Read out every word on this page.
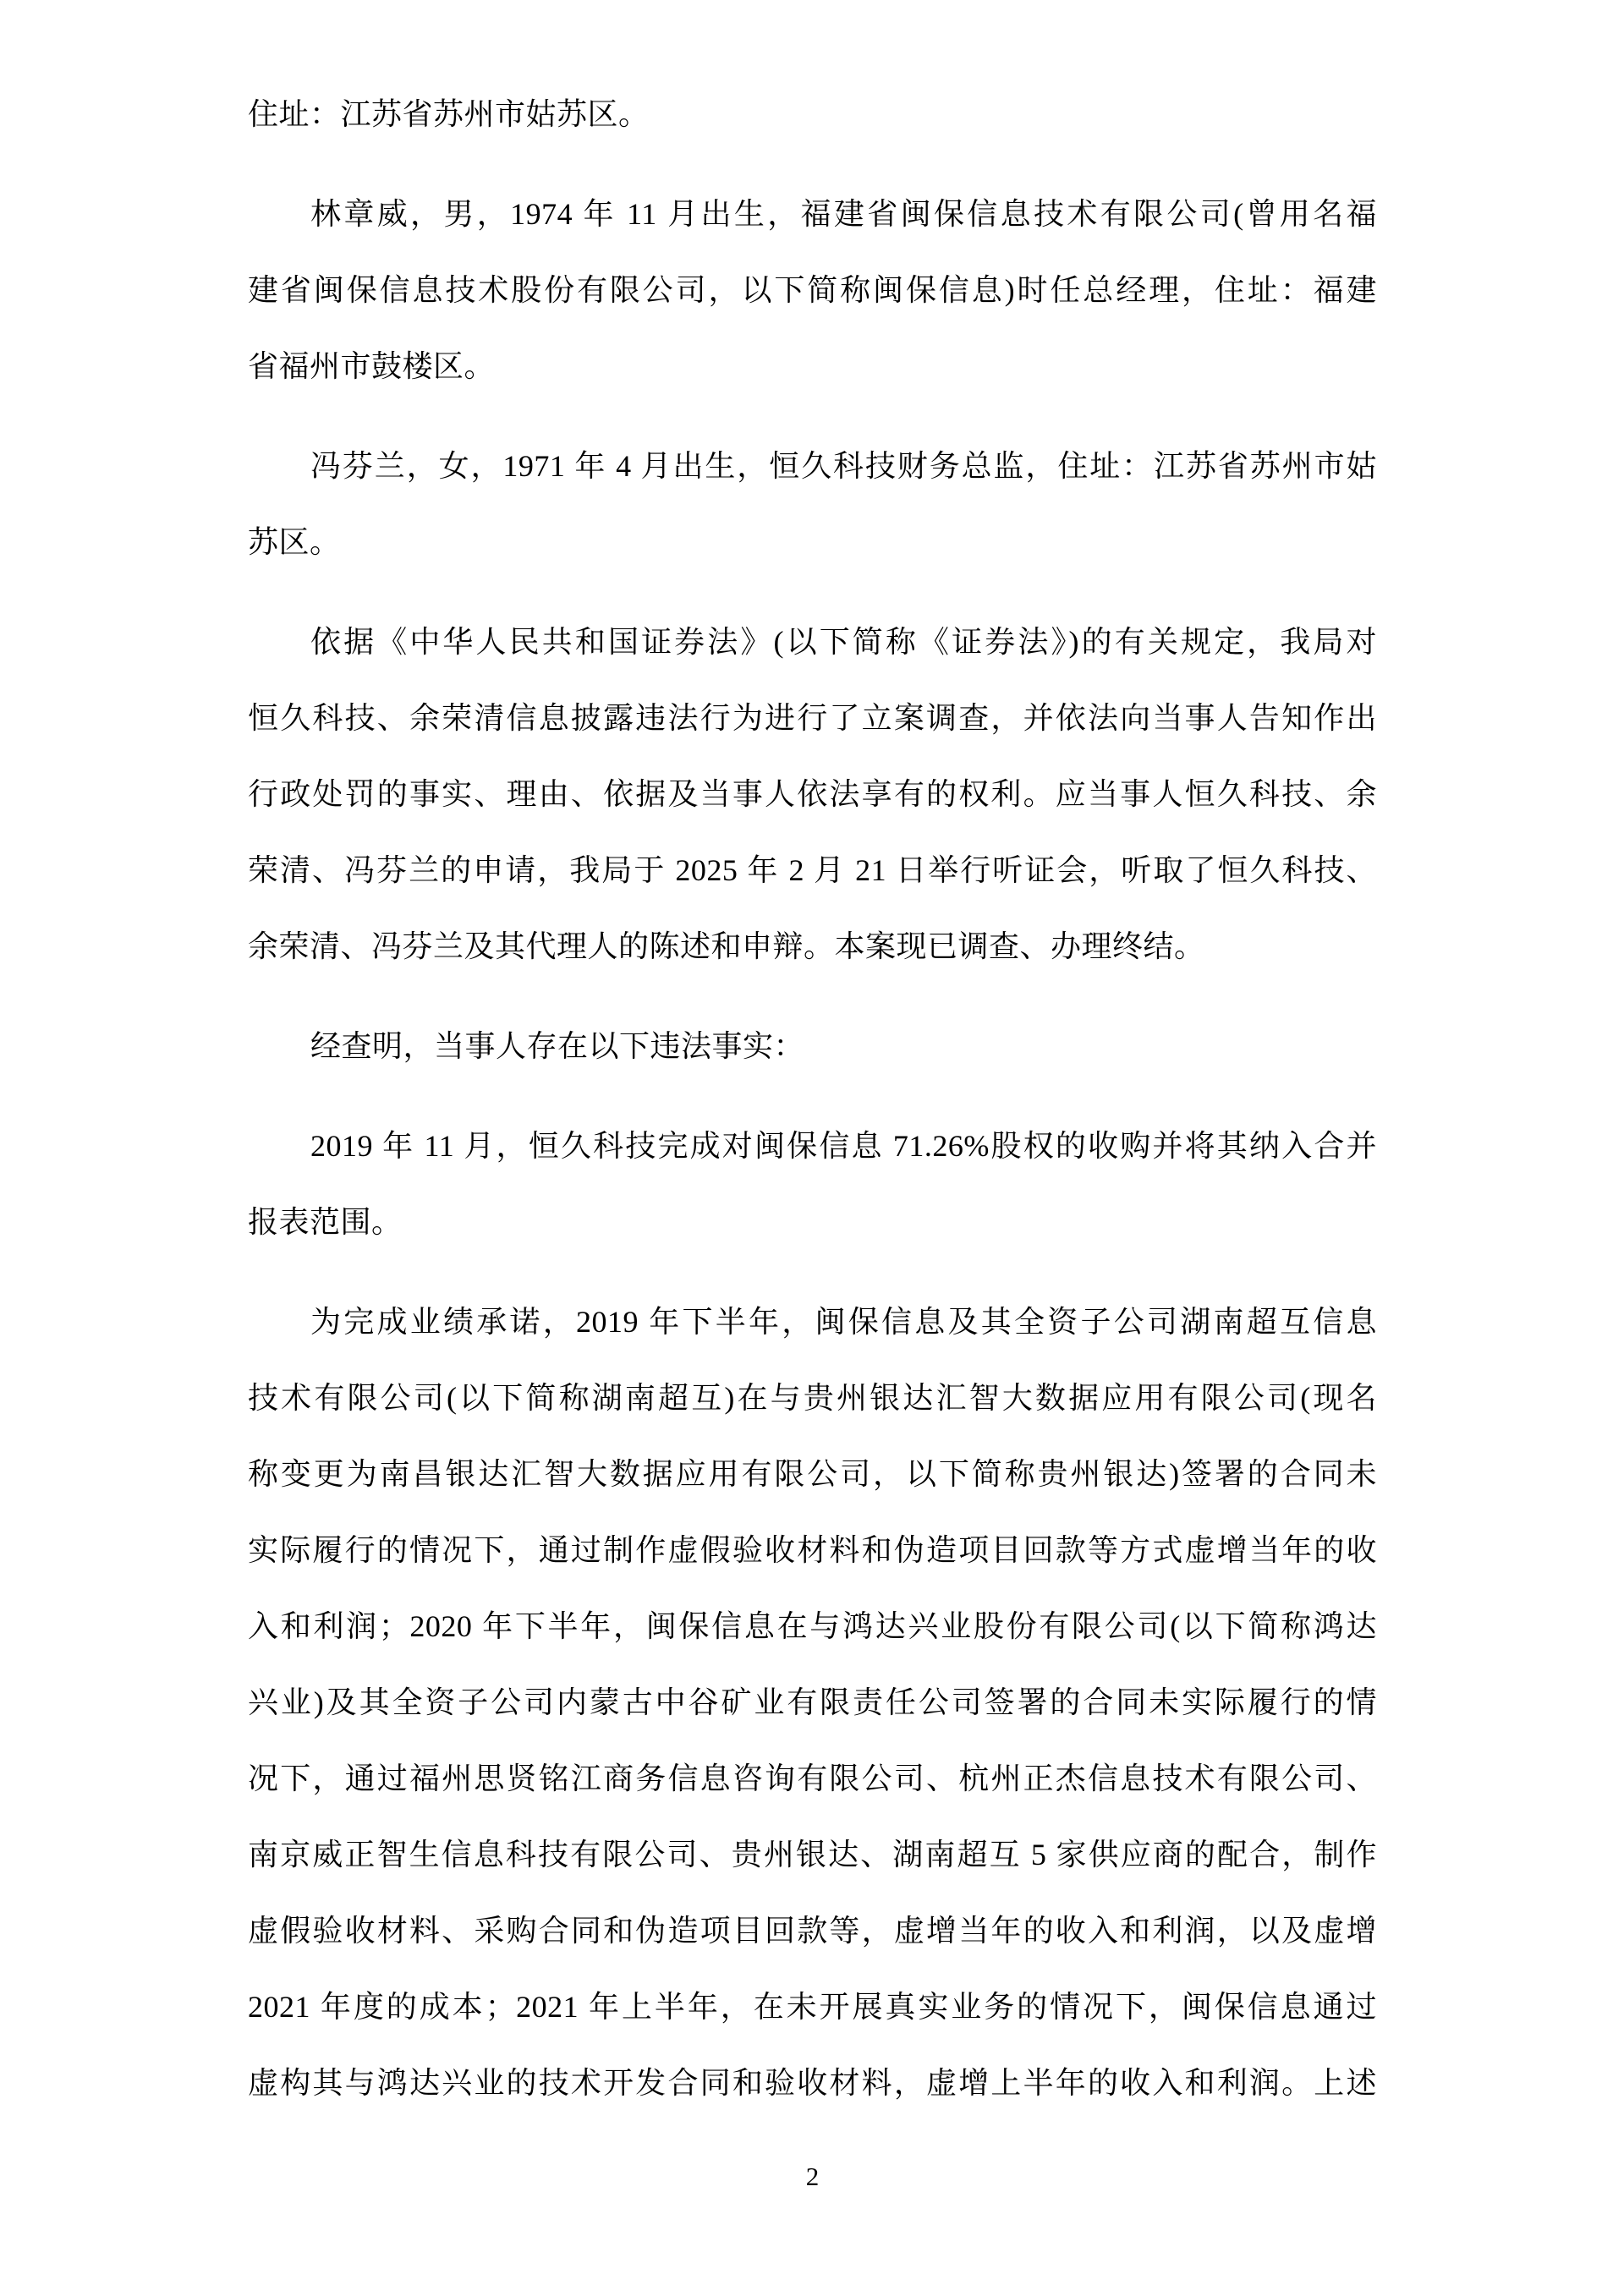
住址：江苏省苏州市姑苏区。
林章威，男，1974 年 11 月出生，福建省闽保信息技术有限公司(曾用名福
建省闽保信息技术股份有限公司，以下简称闽保信息)时任总经理，住址：福建
省福州市鼓楼区。
冯芬兰，女，1971 年 4 月出生，恒久科技财务总监，住址：江苏省苏州市姑
苏区。
依据《中华人民共和国证券法》(以下简称《证券法》)的有关规定，我局对
恒久科技、余荣清信息披露违法行为进行了立案调查，并依法向当事人告知作出
行政处罚的事实、理由、依据及当事人依法享有的权利。应当事人恒久科技、余
荣清、冯芬兰的申请，我局于 2025 年 2 月 21 日举行听证会，听取了恒久科技、
余荣清、冯芬兰及其代理人的陈述和申辩。本案现已调查、办理终结。
经查明，当事人存在以下违法事实：
2019 年 11 月，恒久科技完成对闽保信息 71.26%股权的收购并将其纳入合并
报表范围。
为完成业绩承诺，2019 年下半年，闽保信息及其全资子公司湖南超互信息
技术有限公司(以下简称湖南超互)在与贵州银达汇智大数据应用有限公司(现名
称变更为南昌银达汇智大数据应用有限公司，以下简称贵州银达)签署的合同未
实际履行的情况下，通过制作虚假验收材料和伪造项目回款等方式虚增当年的收
入和利润；2020 年下半年，闽保信息在与鸿达兴业股份有限公司(以下简称鸿达
兴业)及其全资子公司内蒙古中谷矿业有限责任公司签署的合同未实际履行的情
况下，通过福州思贤铭江商务信息咨询有限公司、杭州正杰信息技术有限公司、
南京威正智生信息科技有限公司、贵州银达、湖南超互 5 家供应商的配合，制作
虚假验收材料、采购合同和伪造项目回款等，虚增当年的收入和利润，以及虚增
2021 年度的成本；2021 年上半年，在未开展真实业务的情况下，闽保信息通过
虚构其与鸿达兴业的技术开发合同和验收材料，虚增上半年的收入和利润。上述
2
